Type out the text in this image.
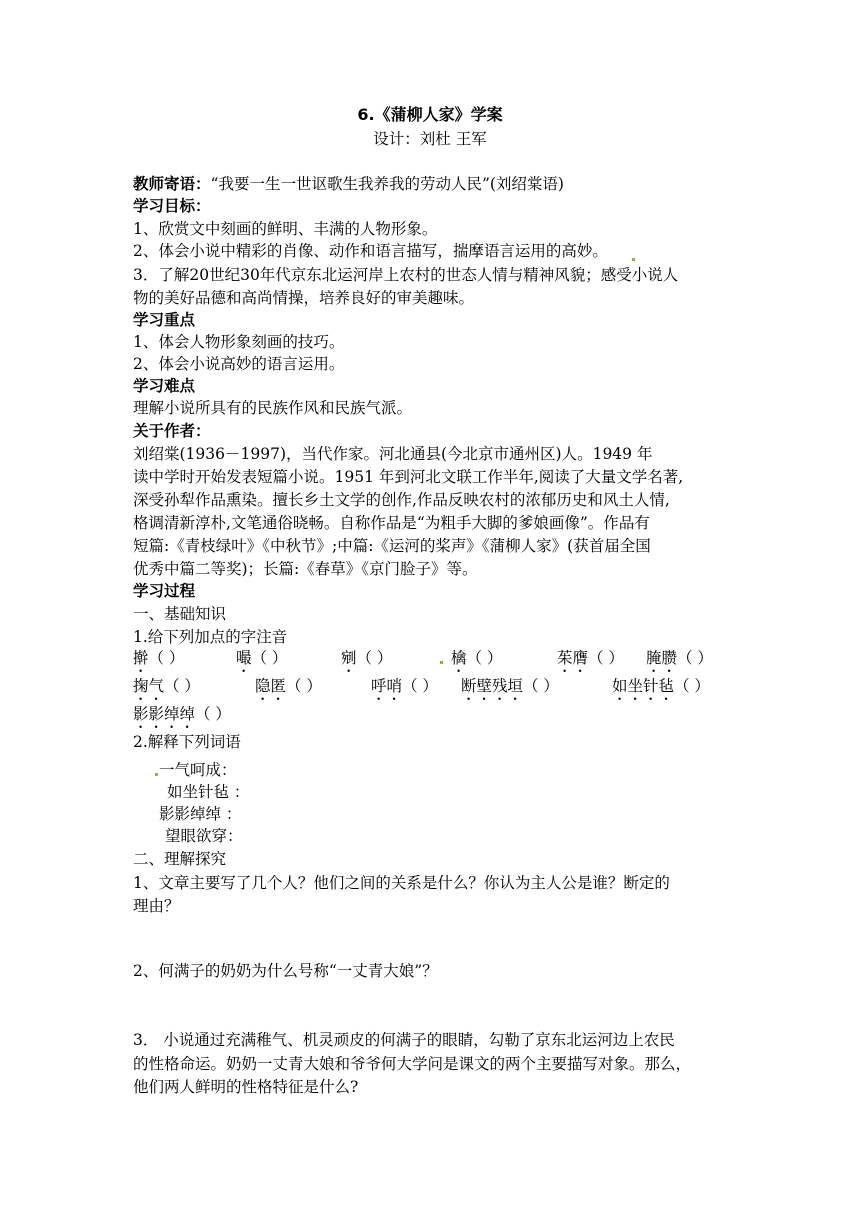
6.《蒲柳人家》学案
设计：刘杜 王军
教师寄语：“我要一生一世讴歌生我养我的劳动人民”(刘绍棠语)
学习目标：
1、欣赏文中刻画的鲜明、丰满的人物形象。
2、体会小说中精彩的肖像、动作和语言描写，揣摩语言运用的高妙。
3．了解20世纪30年代京东北运河岸上农村的世态人情与精神风貌；感受小说人
物的美好品德和高尚情操，培养良好的审美趣味。
学习重点
1、体会人物形象刻画的技巧。
2、体会小说高妙的语言运用。
学习难点
理解小说所具有的民族作风和民族气派。
关于作者：
刘绍棠(1936－1997)，当代作家。河北通县(今北京市通州区)人。1949 年
读中学时开始发表短篇小说。1951 年到河北文联工作半年,阅读了大量文学名著,
深受孙犁作品熏染。擅长乡土文学的创作,作品反映农村的浓郁历史和风土人情,
格调清新淳朴,文笔通俗晓畅。自称作品是“为粗手大脚的爹娘画像”。作品有
短篇:《青枝绿叶》《中秋节》;中篇:《运河的桨声》《蒲柳人家》(获首届全国
优秀中篇二等奖)；长篇:《春草》《京门脸子》等。
学习过程
一、基础知识
1.给下列加点的字注音
擀（ ）	嘬（ ）	剜（ ）	檎（ ）	茱膺（ ） 腌臜（ ）
掬气（ ）	隐匿（ ）	呼哨（ ） 断壁残垣（ ）	如坐针毡（ ）
影影绰绰（ ）
2.解释下列词语
一气呵成：
如坐针毡 ：
影影绰绰 ：
望眼欲穿：
二、理解探究
1、文章主要写了几个人？他们之间的关系是什么？你认为主人公是谁？断定的
理由？
2、何满子的奶奶为什么号称“一丈青大娘”？
3． 小说通过充满稚气、机灵顽皮的何满子的眼睛，勾勒了京东北运河边上农民
的性格命运。奶奶一丈青大娘和爷爷何大学问是课文的两个主要描写对象。那么，
他们两人鲜明的性格特征是什么?
